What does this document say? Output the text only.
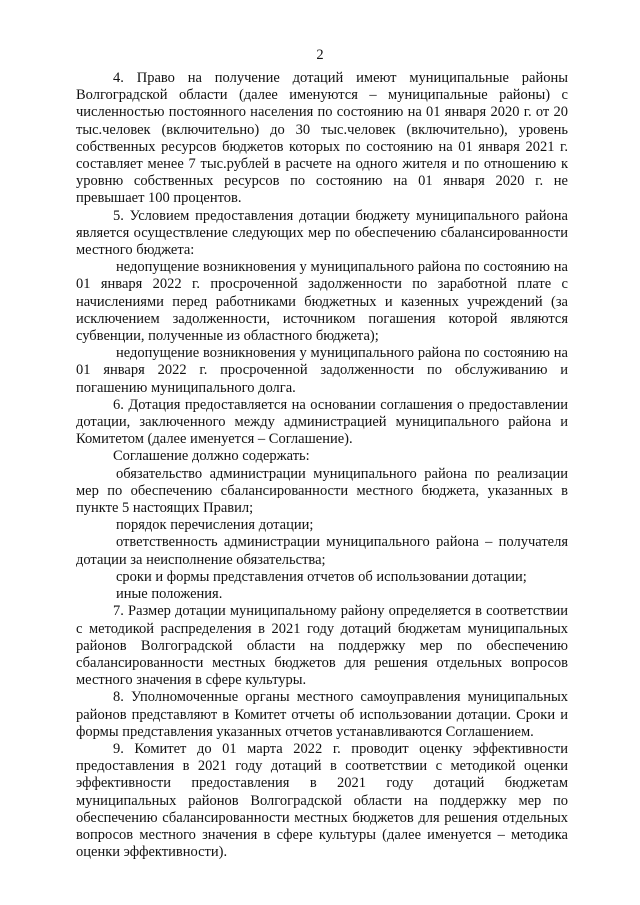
2

4. Право на получение дотаций имеют муниципальные районы Волгоградской области (далее именуются – муниципальные районы) с численностью постоянного населения по состоянию на 01 января 2020 г. от 20 тыс.человек (включительно) до 30 тыс.человек (включительно), уровень собственных ресурсов бюджетов которых по состоянию на 01 января 2021 г. составляет менее 7 тыс.рублей в расчете на одного жителя и по отношению к уровню собственных ресурсов по состоянию на 01 января 2020 г. не превышает 100 процентов.

5. Условием предоставления дотации бюджету муниципального района является осуществление следующих мер по обеспечению сбалансированности местного бюджета:

недопущение возникновения у муниципального района по состоянию на 01 января 2022 г. просроченной задолженности по заработной плате с начислениями перед работниками бюджетных и казенных учреждений (за исключением задолженности, источником погашения которой являются субвенции, полученные из областного бюджета);

недопущение возникновения у муниципального района по состоянию на 01 января 2022 г. просроченной задолженности по обслуживанию и погашению муниципального долга.

6. Дотация предоставляется на основании соглашения о предоставлении дотации, заключенного между администрацией муниципального района и Комитетом (далее именуется – Соглашение).

Соглашение должно содержать:

обязательство администрации муниципального района по реализации мер по обеспечению сбалансированности местного бюджета, указанных в пункте 5 настоящих Правил;

порядок перечисления дотации;

ответственность администрации муниципального района – получателя дотации за неисполнение обязательства;

сроки и формы представления отчетов об использовании дотации;

иные положения.

7. Размер дотации муниципальному району определяется в соответствии с методикой распределения в 2021 году дотаций бюджетам муниципальных районов Волгоградской области на поддержку мер по обеспечению сбалансированности местных бюджетов для решения отдельных вопросов местного значения в сфере культуры.

8. Уполномоченные органы местного самоуправления муниципальных районов представляют в Комитет отчеты об использовании дотации. Сроки и формы представления указанных отчетов устанавливаются Соглашением.

9. Комитет до 01 марта 2022 г. проводит оценку эффективности предоставления в 2021 году дотаций в соответствии с методикой оценки эффективности предоставления в 2021 году дотаций бюджетам муниципальных районов Волгоградской области на поддержку мер по обеспечению сбалансированности местных бюджетов для решения отдельных вопросов местного значения в сфере культуры (далее именуется – методика оценки эффективности).
